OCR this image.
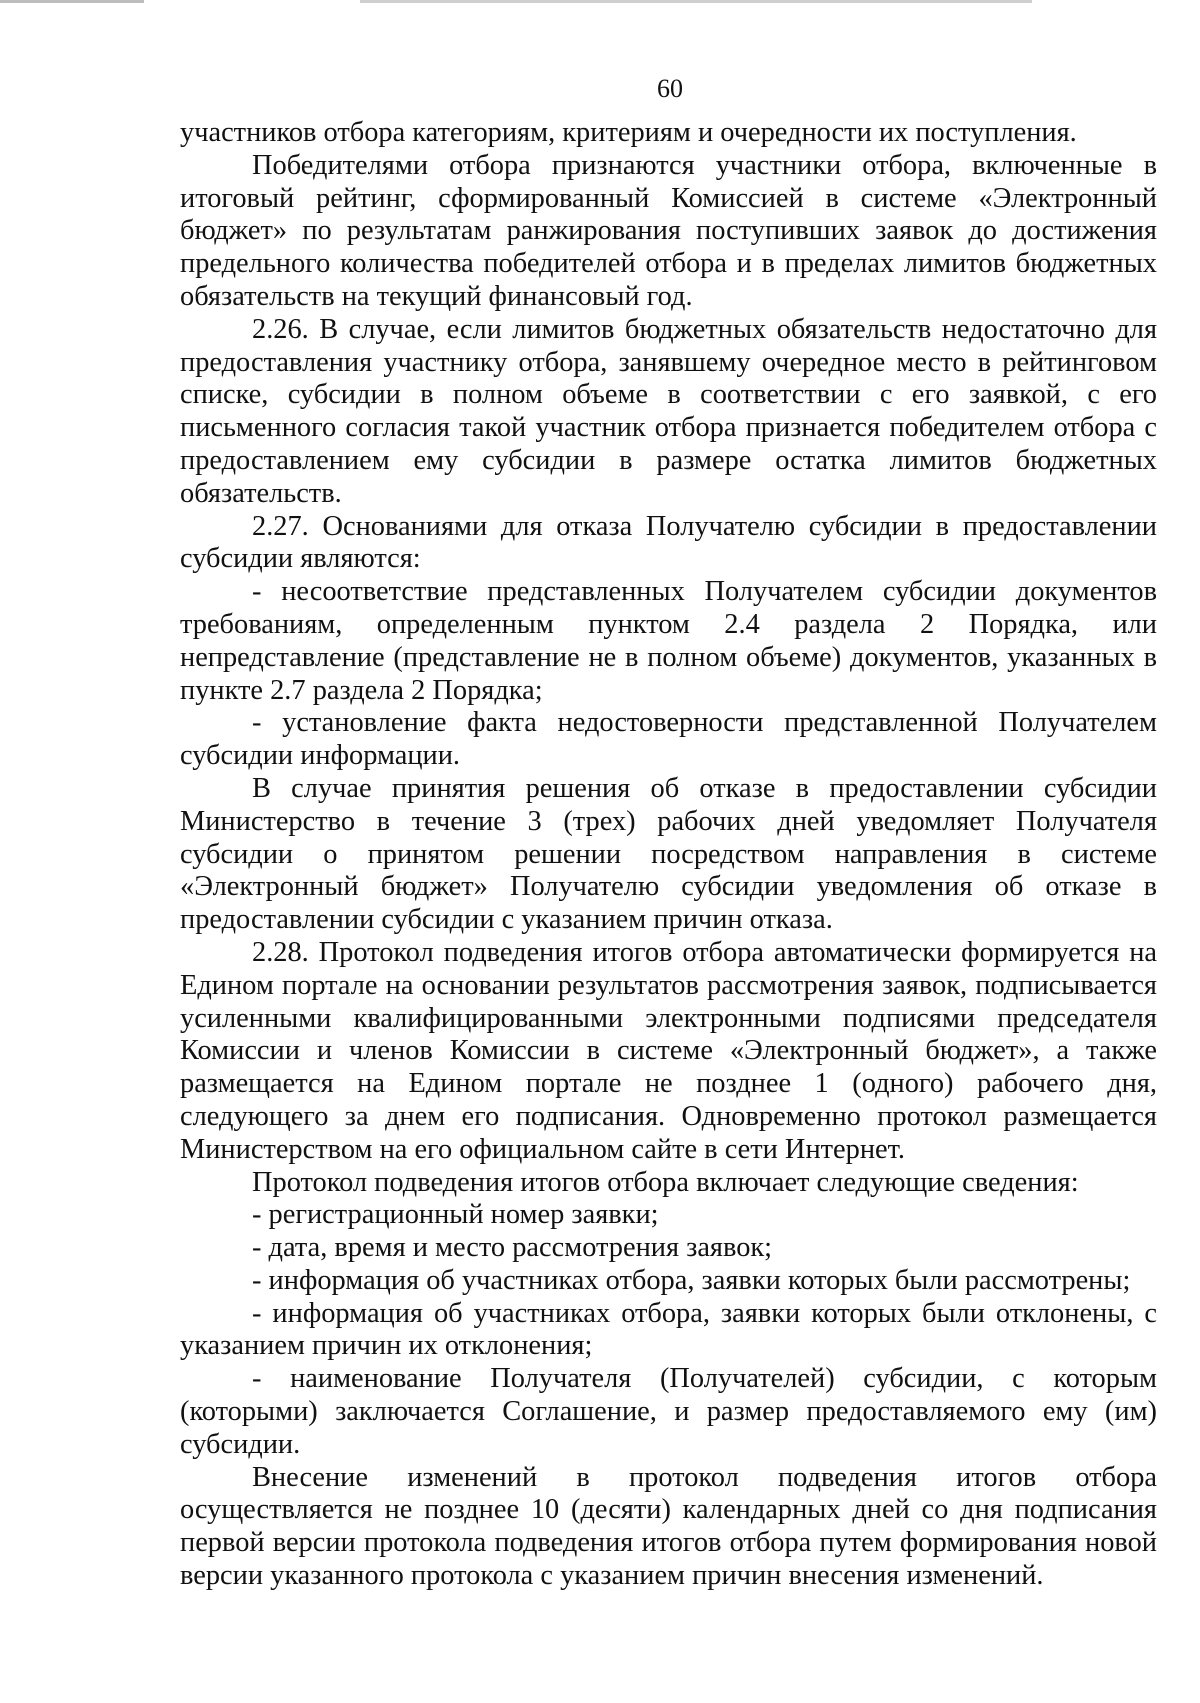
60

участников отбора категориям, критериям и очередности их поступления.

Победителями отбора признаются участники отбора, включенные в итоговый рейтинг, сформированный Комиссией в системе «Электронный бюджет» по результатам ранжирования поступивших заявок до достижения предельного количества победителей отбора и в пределах лимитов бюджетных обязательств на текущий финансовый год.

2.26. В случае, если лимитов бюджетных обязательств недостаточно для предоставления участнику отбора, занявшему очередное место в рейтинговом списке, субсидии в полном объеме в соответствии с его заявкой, с его письменного согласия такой участник отбора признается победителем отбора с предоставлением ему субсидии в размере остатка лимитов бюджетных обязательств.

2.27. Основаниями для отказа Получателю субсидии в предоставлении субсидии являются:

- несоответствие представленных Получателем субсидии документов требованиям, определенным пунктом 2.4 раздела 2 Порядка, или непредставление (представление не в полном объеме) документов, указанных в пункте 2.7 раздела 2 Порядка;

- установление факта недостоверности представленной Получателем субсидии информации.

В случае принятия решения об отказе в предоставлении субсидии Министерство в течение 3 (трех) рабочих дней уведомляет Получателя субсидии о принятом решении посредством направления в системе «Электронный бюджет» Получателю субсидии уведомления об отказе в предоставлении субсидии с указанием причин отказа.

2.28. Протокол подведения итогов отбора автоматически формируется на Едином портале на основании результатов рассмотрения заявок, подписывается усиленными квалифицированными электронными подписями председателя Комиссии и членов Комиссии в системе «Электронный бюджет», а также размещается на Едином портале не позднее 1 (одного) рабочего дня, следующего за днем его подписания. Одновременно протокол размещается Министерством на его официальном сайте в сети Интернет.

Протокол подведения итогов отбора включает следующие сведения:

- регистрационный номер заявки;

- дата, время и место рассмотрения заявок;

- информация об участниках отбора, заявки которых были рассмотрены;

- информация об участниках отбора, заявки которых были отклонены, с указанием причин их отклонения;

- наименование Получателя (Получателей) субсидии, с которым (которыми) заключается Соглашение, и размер предоставляемого ему (им) субсидии.

Внесение изменений в протокол подведения итогов отбора осуществляется не позднее 10 (десяти) календарных дней со дня подписания первой версии протокола подведения итогов отбора путем формирования новой версии указанного протокола с указанием причин внесения изменений.
